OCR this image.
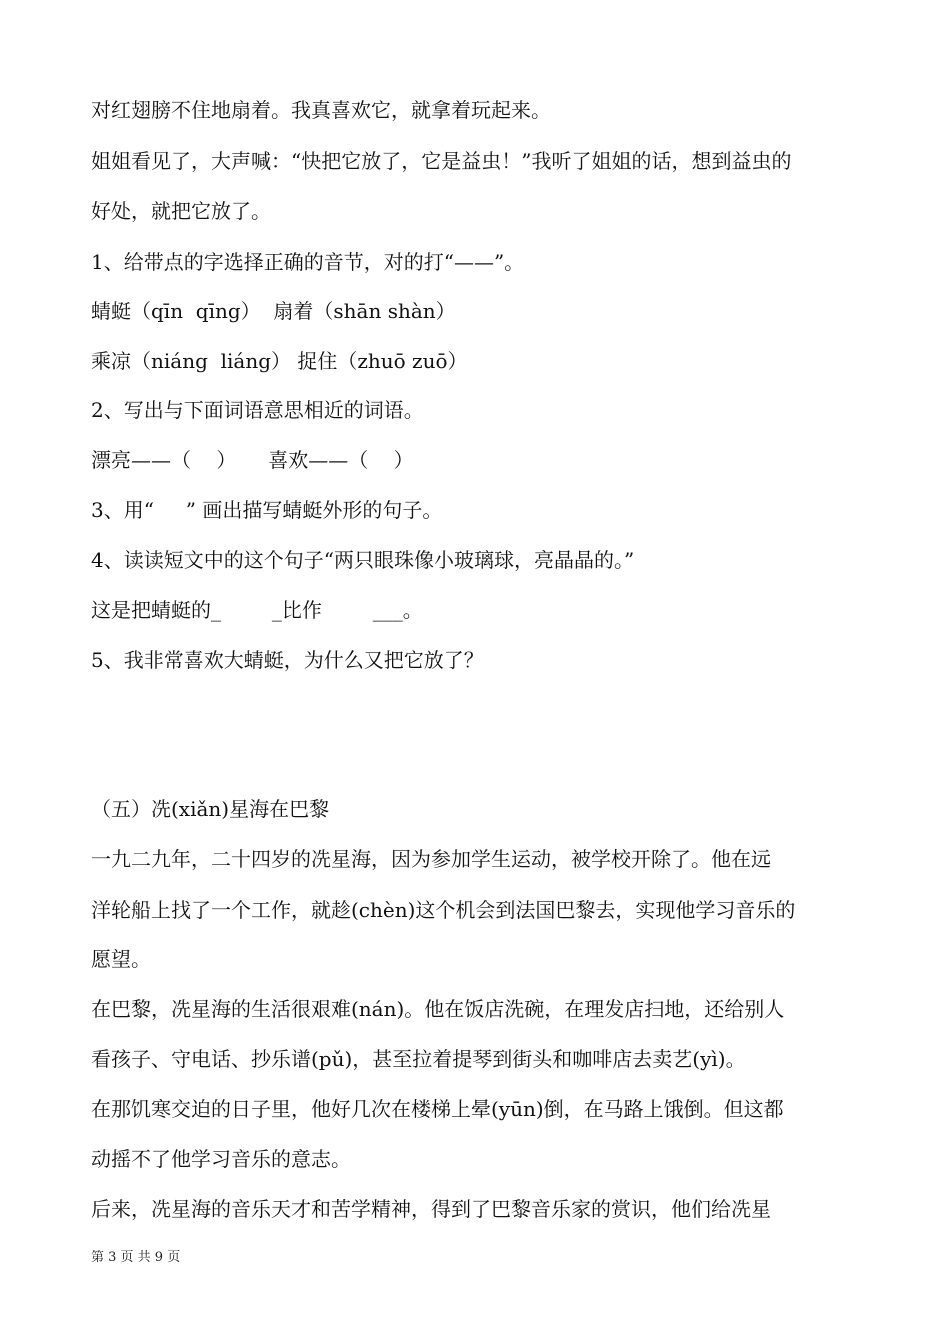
对红翅膀不住地扇着。我真喜欢它，就拿着玩起来。

姐姐看见了，大声喊：“快把它放了，它是益虫！”我听了姐姐的话，想到益虫的

好处，就把它放了。

1、给带点的字选择正确的音节，对的打“——”。

蜻蜓（qīn  qīng）  扇着（shān shàn）

乘凉（niáng  liáng） 捉住（zhuō zuō）

2、写出与下面词语意思相近的词语。

漂亮——（    ）     喜欢——（    ）

3、用“     ” 画出描写蜻蜓外形的句子。

4、读读短文中的这个句子“两只眼珠像小玻璃球，亮晶晶的。”

这是把蜻蜓的_        _比作        ___。

5、我非常喜欢大蜻蜓，为什么又把它放了？

（五）冼(xiǎn)星海在巴黎

一九二九年，二十四岁的冼星海，因为参加学生运动，被学校开除了。他在远

洋轮船上找了一个工作，就趁(chèn)这个机会到法国巴黎去，实现他学习音乐的

愿望。

在巴黎，冼星海的生活很艰难(nán)。他在饭店洗碗，在理发店扫地，还给别人

看孩子、守电话、抄乐谱(pǔ)，甚至拉着提琴到街头和咖啡店去卖艺(yì)。

在那饥寒交迫的日子里，他好几次在楼梯上晕(yūn)倒，在马路上饿倒。但这都

动摇不了他学习音乐的意志。

后来，冼星海的音乐天才和苦学精神，得到了巴黎音乐家的赏识，他们给冼星

第 3 页 共 9 页
